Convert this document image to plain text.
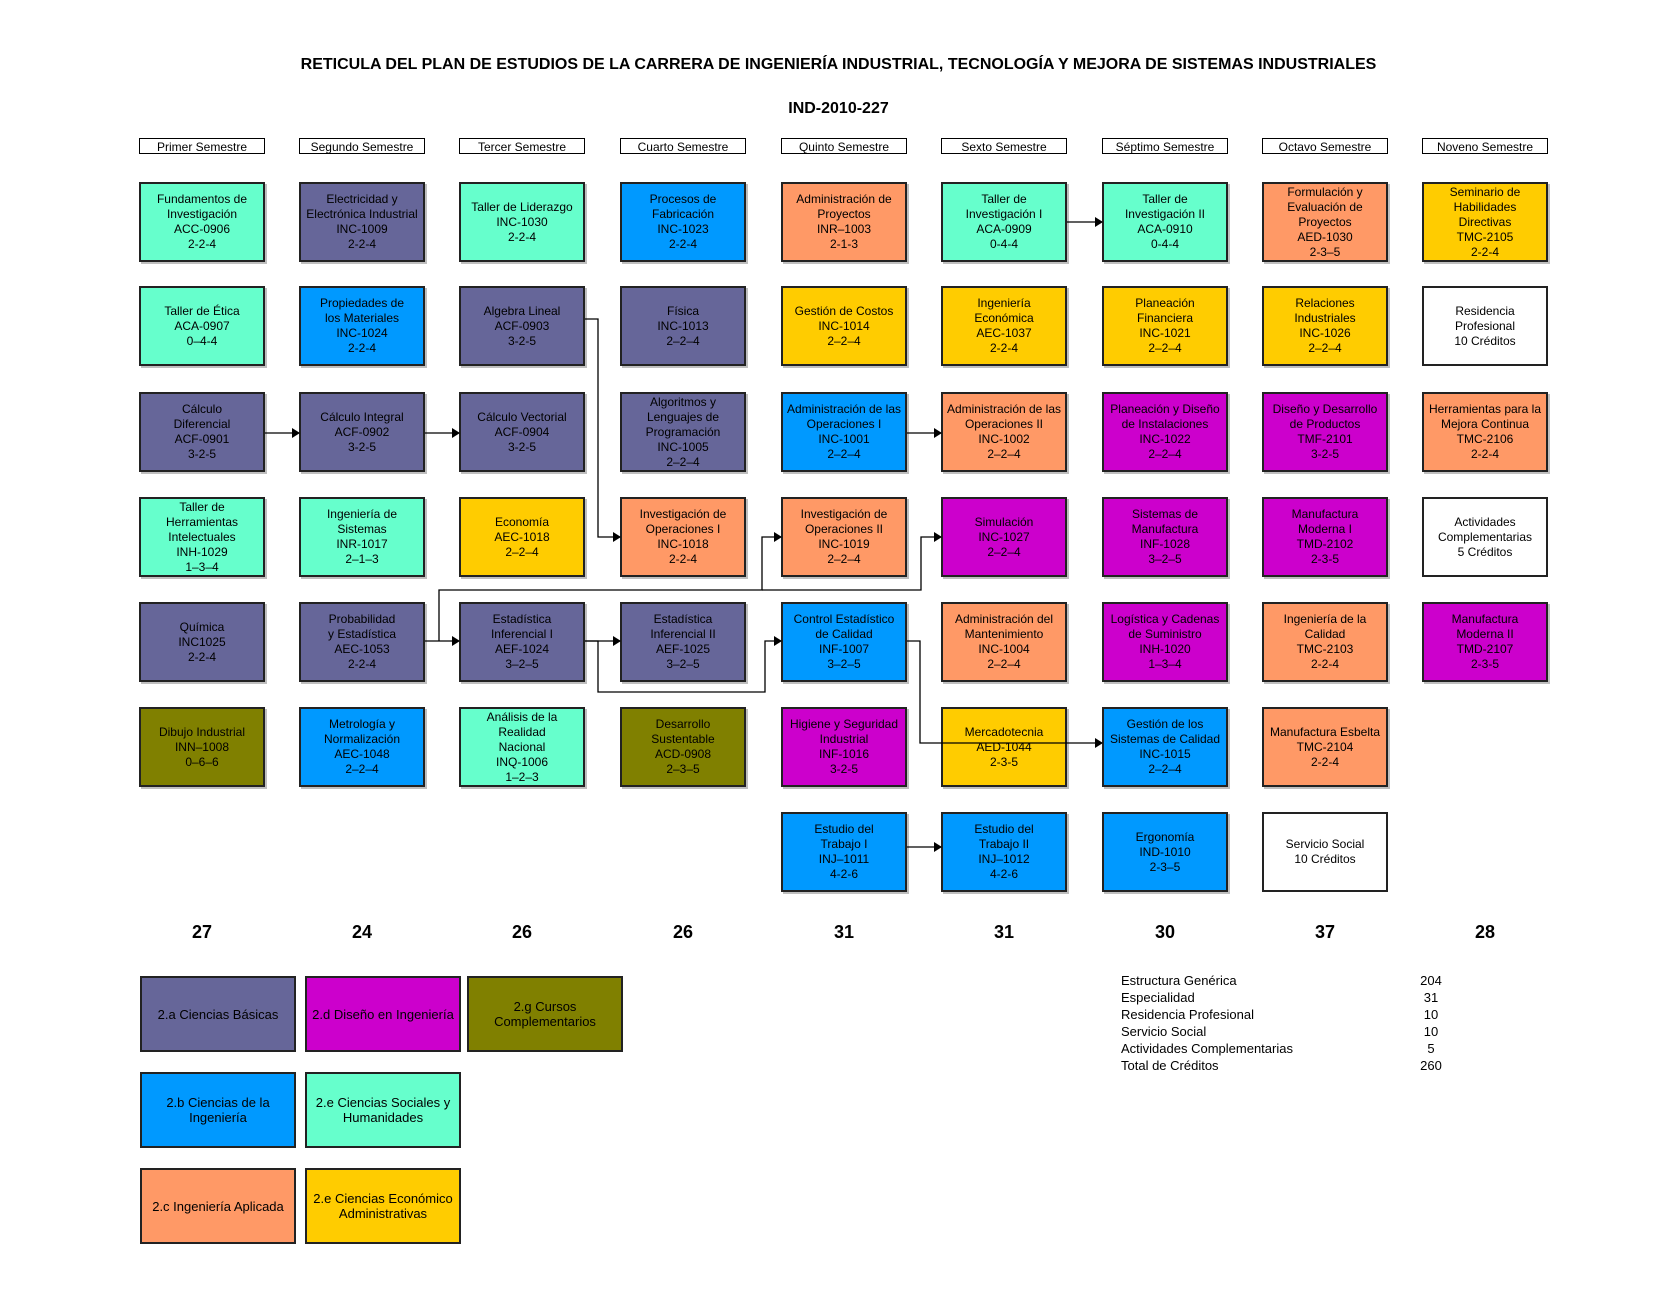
RETICULA DEL PLAN DE ESTUDIOS DE LA CARRERA DE INGENIERÍA INDUSTRIAL, TECNOLOGÍA Y MEJORA DE SISTEMAS INDUSTRIALES
IND-2010-227
Primer Semestre
Fundamentos de
Investigación
ACC-0906
2-2-4
Taller de Ética
ACA-0907
0–4-4
Cálculo
Diferencial
ACF-0901
3-2-5
Taller de
Herramientas
Intelectuales
INH-1029
1–3–4
Química
INC1025
2-2-4
Dibujo Industrial
INN–1008
0–6–6
27
Segundo Semestre
Electricidad y
Electrónica Industrial
INC-1009
2-2-4
Propiedades de
los Materiales
INC-1024
2-2-4
Cálculo Integral
ACF-0902
3-2-5
Ingeniería de
Sistemas
INR-1017
2–1–3
Probabilidad
y Estadística
AEC-1053
2-2-4
Metrología y
Normalización
AEC-1048
2–2–4
24
Tercer Semestre
Taller de Liderazgo
INC-1030
2-2-4
Algebra Lineal
ACF-0903
3-2-5
Cálculo Vectorial
ACF-0904
3-2-5
Economía
AEC-1018
2–2–4
Estadística
Inferencial I
AEF-1024
3–2–5
Análisis de la
Realidad
Nacional
INQ-1006
1–2–3
26
Cuarto Semestre
Procesos de
Fabricación
INC-1023
2-2-4
Física
INC-1013
2–2–4
Algoritmos y
Lenguajes de
Programación
INC-1005
2–2–4
Investigación de
Operaciones I
INC-1018
2-2-4
Estadística
Inferencial II
AEF-1025
3–2–5
Desarrollo
Sustentable
ACD-0908
2–3–5
26
Quinto Semestre
Administración de
Proyectos
INR–1003
2-1-3
Gestión de Costos
INC-1014
2–2–4
Administración de las
Operaciones I
INC-1001
2–2–4
Investigación de
Operaciones II
INC-1019
2–2–4
Control Estadístico
de Calidad
INF-1007
3–2–5
Higiene y Seguridad
Industrial
INF-1016
3-2-5
Estudio del
Trabajo I
INJ–1011
4-2-6
31
Sexto Semestre
Taller de
Investigación I
ACA-0909
0-4-4
Ingeniería
Económica
AEC-1037
2-2-4
Administración de las
Operaciones II
INC-1002
2–2–4
Simulación
INC-1027
2–2–4
Administración del
Mantenimiento
INC-1004
2–2–4
Mercadotecnia
AED-1044
2-3-5
Estudio del
Trabajo II
INJ–1012
4-2-6
31
Séptimo Semestre
Taller de
Investigación II
ACA-0910
0-4-4
Planeación
Financiera
INC-1021
2–2–4
Planeación y Diseño
de Instalaciones
INC-1022
2–2–4
Sistemas de
Manufactura
INF-1028
3–2–5
Logística y Cadenas
de Suministro
INH-1020
1–3–4
Gestión de los
Sistemas de Calidad
INC-1015
2–2–4
Ergonomía
IND-1010
2-3–5
30
Octavo Semestre
Formulación y
Evaluación de
Proyectos
AED-1030
2-3–5
Relaciones
Industriales
INC-1026
2–2–4
Diseño y Desarrollo
de Productos
TMF-2101
3-2-5
Manufactura
Moderna I
TMD-2102
2-3-5
Ingeniería de la
Calidad
TMC-2103
2-2-4
Manufactura Esbelta
TMC-2104
2-2-4
Servicio Social
10 Créditos
37
Noveno Semestre
Seminario de
Habilidades
Directivas
TMC-2105
2-2-4
Residencia
Profesional
10 Créditos
Herramientas para la
Mejora Continua
TMC-2106
2-2-4
Actividades
Complementarias
5 Créditos
Manufactura
Moderna II
TMD-2107
2-3-5
28
2.a Ciencias Básicas
2.b Ciencias de la Ingeniería
2.c Ingeniería Aplicada
2.d Diseño en Ingeniería
2.e Ciencias Sociales y Humanidades
2.e Ciencias Económico Administrativas
2.g Cursos Complementarios
Estructura Genérica	204
Especialidad	31
Residencia Profesional	10
Servicio Social	10
Actividades Complementarias	5
Total de Créditos	260
